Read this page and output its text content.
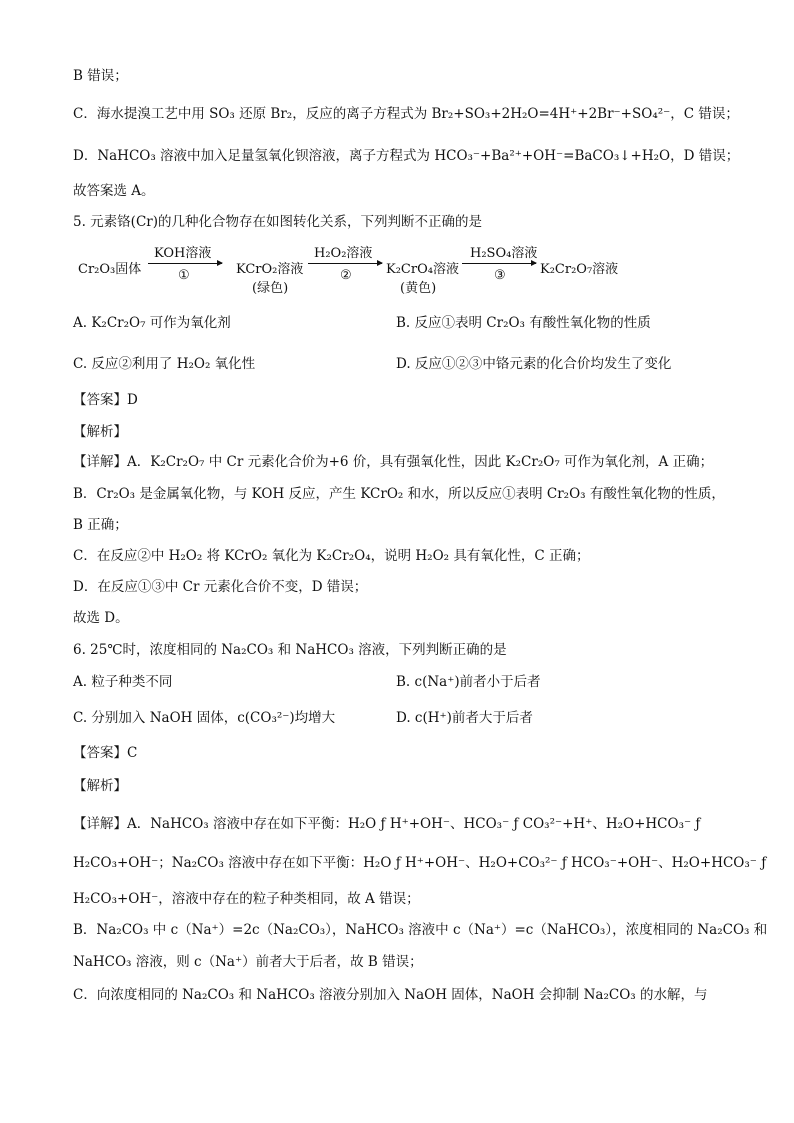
B 错误；
C．海水提溴工艺中用 SO₃ 还原 Br₂，反应的离子方程式为 Br₂+SO₃+2H₂O=4H⁺+2Br⁻+SO₄²⁻，C 错误；
D．NaHCO₃ 溶液中加入足量氢氧化钡溶液，离子方程式为 HCO₃⁻+Ba²⁺+OH⁻=BaCO₃↓+H₂O，D 错误；
故答案选 A。
5. 元素铬(Cr)的几种化合物存在如图转化关系，下列判断不正确的是
Cr₂O₃固体
KOH溶液
①	KCrO₂溶液
(绿色)
H₂O₂溶液
②	K₂CrO₄溶液
(黄色)
H₂SO₄溶液
③	K₂Cr₂O₇溶液
A. K₂Cr₂O₇ 可作为氧化剂	B. 反应①表明 Cr₂O₃ 有酸性氧化物的性质
C. 反应②利用了 H₂O₂ 氧化性	D. 反应①②③中铬元素的化合价均发生了变化
【答案】D
【解析】
【详解】A．K₂Cr₂O₇ 中 Cr 元素化合价为+6 价，具有强氧化性，因此 K₂Cr₂O₇ 可作为氧化剂，A 正确；
B．Cr₂O₃ 是金属氧化物，与 KOH 反应，产生 KCrO₂ 和水，所以反应①表明 Cr₂O₃ 有酸性氧化物的性质，
B 正确；
C．在反应②中 H₂O₂ 将 KCrO₂ 氧化为 K₂Cr₂O₄，说明 H₂O₂ 具有氧化性，C 正确；
D．在反应①③中 Cr 元素化合价不变，D 错误；
故选 D。
6. 25℃时，浓度相同的 Na₂CO₃ 和 NaHCO₃ 溶液，下列判断正确的是
A. 粒子种类不同	B. c(Na⁺)前者小于后者
C. 分别加入 NaOH 固体，c(CO₃²⁻)均增大	D. c(H⁺)前者大于后者
【答案】C
【解析】
【详解】A．NaHCO₃ 溶液中存在如下平衡：H₂O ƒ H⁺+OH⁻、HCO₃⁻ ƒ CO₃²⁻+H⁺、H₂O+HCO₃⁻ ƒ
H₂CO₃+OH⁻；Na₂CO₃ 溶液中存在如下平衡：H₂O ƒ H⁺+OH⁻、H₂O+CO₃²⁻ ƒ HCO₃⁻+OH⁻、H₂O+HCO₃⁻ ƒ
H₂CO₃+OH⁻，溶液中存在的粒子种类相同，故 A 错误；
B．Na₂CO₃ 中 c（Na⁺）=2c（Na₂CO₃），NaHCO₃ 溶液中 c（Na⁺）=c（NaHCO₃），浓度相同的 Na₂CO₃ 和
NaHCO₃ 溶液，则 c（Na⁺）前者大于后者，故 B 错误；
C．向浓度相同的 Na₂CO₃ 和 NaHCO₃ 溶液分别加入 NaOH 固体，NaOH 会抑制 Na₂CO₃ 的水解，与
